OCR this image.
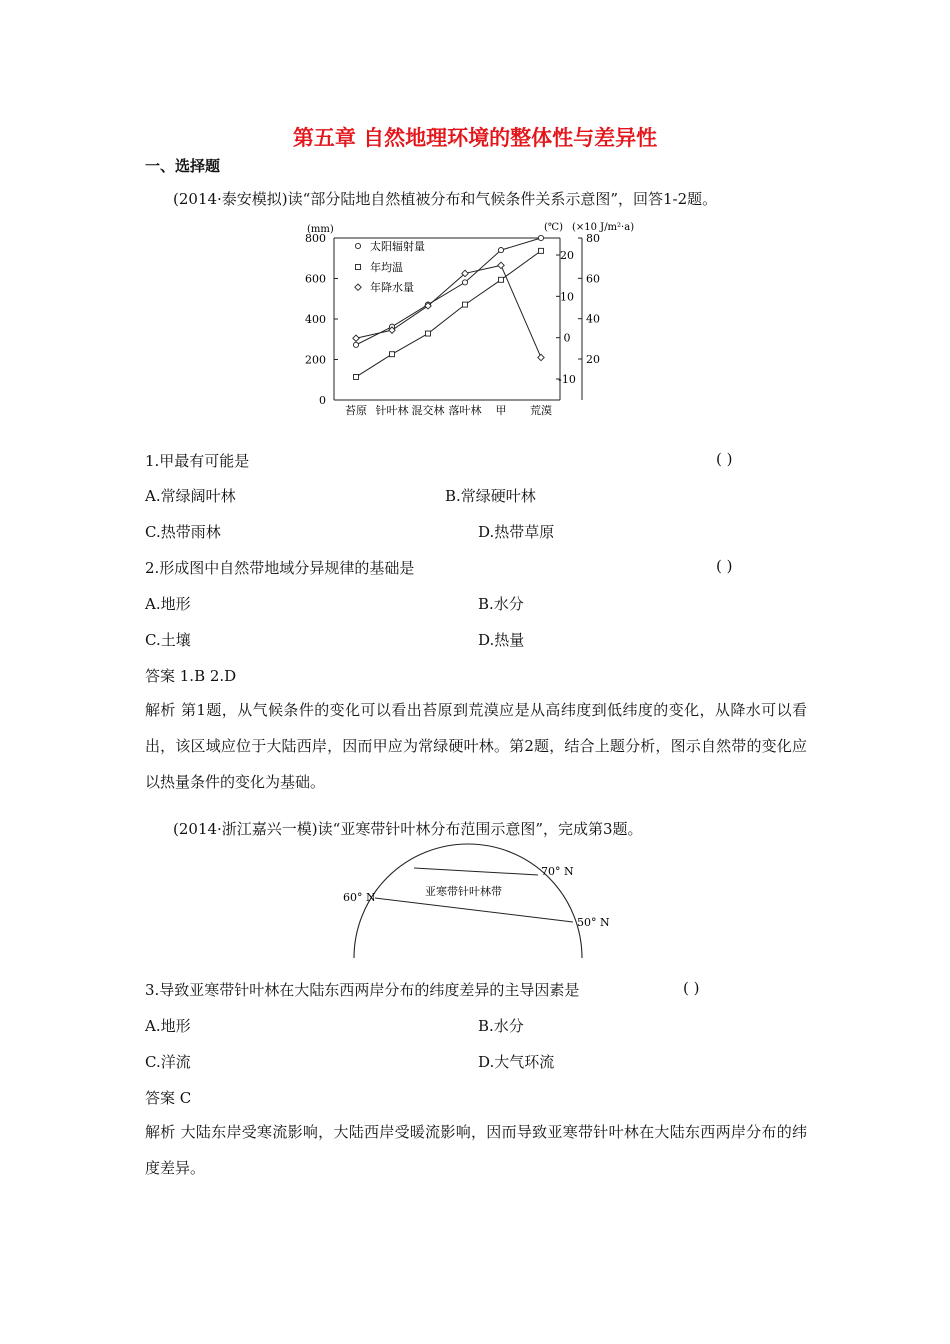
第五章 自然地理环境的整体性与差异性
一、选择题
(2014·泰安模拟)读“部分陆地自然植被分布和气候条件关系示意图”，回答1-2题。
(mm)	(℃) (×10 J/m²·a)
800
600
400
200
0
20
10
0
-10
80
60
40
20
苔原 针叶林 混交林 落叶林 甲 荒漠
太阳辐射量
年均温
年降水量
1.甲最有可能是	( )
A.常绿阔叶林	B.常绿硬叶林
C.热带雨林	D.热带草原
2.形成图中自然带地域分异规律的基础是	( )
A.地形	B.水分
C.土壤	D.热量
答案 1.B 2.D
解析 第1题，从气候条件的变化可以看出苔原到荒漠应是从高纬度到低纬度的变化，从降水可以看出，该区域应位于大陆西岸，因而甲应为常绿硬叶林。第2题，结合上题分析，图示自然带的变化应以热量条件的变化为基础。
(2014·浙江嘉兴一模)读“亚寒带针叶林分布范围示意图”，完成第3题。
70° N
60° N
50° N
亚寒带针叶林带
3.导致亚寒带针叶林在大陆东西两岸分布的纬度差异的主导因素是	( )
A.地形	B.水分
C.洋流	D.大气环流
答案 C
解析 大陆东岸受寒流影响，大陆西岸受暖流影响，因而导致亚寒带针叶林在大陆东西两岸分布的纬度差异。
